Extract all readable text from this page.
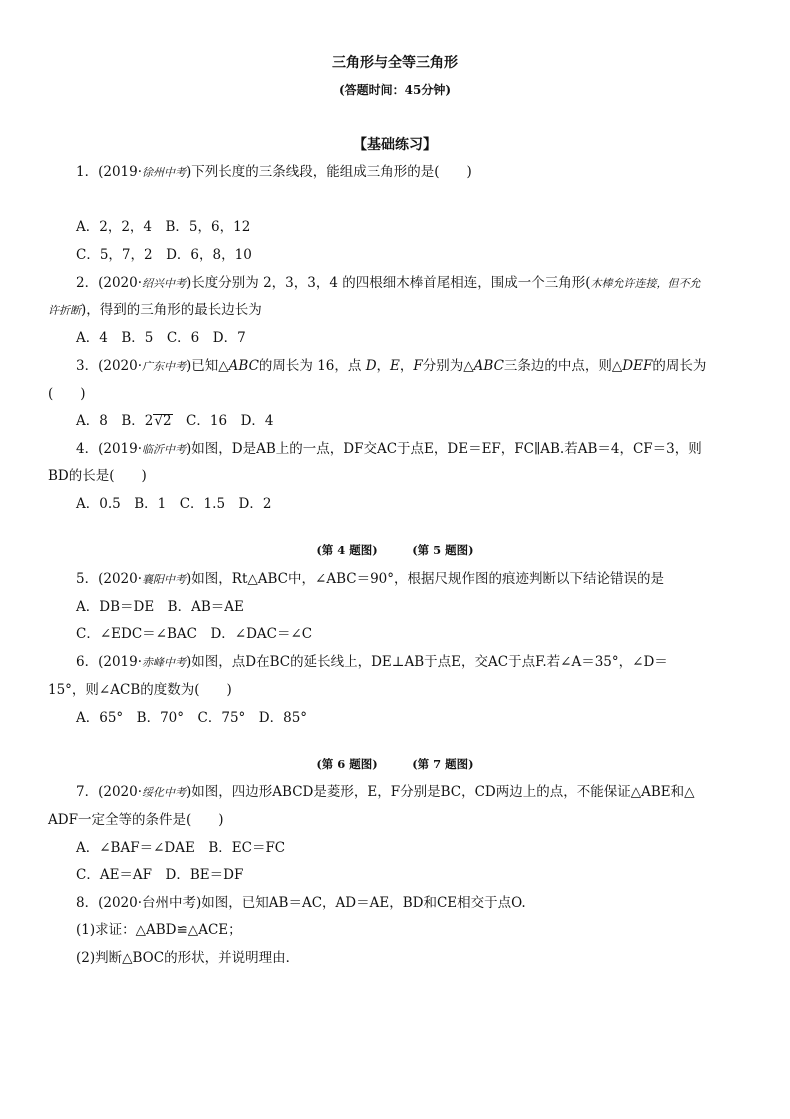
三角形与全等三角形
(答题时间：45分钟)
【基础练习】
1．(2019·徐州中考)下列长度的三条线段，能组成三角形的是(　　)
A．2，2，4　B．5，6，12
C．5，7，2　D．6，8，10
2．(2020·绍兴中考)长度分别为 2，3，3，4 的四根细木棒首尾相连，围成一个三角形(木棒允许连接，但不允
许折断)，得到的三角形的最长边长为
A．4　B．5　C．6　D．7
3．(2020·广东中考)已知△ABC的周长为 16，点 D，E，F分别为△ABC三条边的中点，则△DEF的周长为
(　　)
A．8　B．2√2　C．16　D．4
4．(2019·临沂中考)如图，D是AB上的一点，DF交AC于点E，DE＝EF，FC∥AB.若AB＝4，CF＝3，则
BD的长是(　　)
A．0.5　B．1　C．1.5　D．2
(第 4 题图)　　　(第 5 题图)
5．(2020·襄阳中考)如图，Rt△ABC中，∠ABC＝90°，根据尺规作图的痕迹判断以下结论错误的是
A．DB＝DE　B．AB＝AE
C．∠EDC＝∠BAC　D．∠DAC＝∠C
6．(2019·赤峰中考)如图，点D在BC的延长线上，DE⊥AB于点E，交AC于点F.若∠A＝35°，∠D＝
15°，则∠ACB的度数为(　　)
A．65°　B．70°　C．75°　D．85°
(第 6 题图)　　　(第 7 题图)
7．(2020·绥化中考)如图，四边形ABCD是菱形，E，F分别是BC，CD两边上的点，不能保证△ABE和△
ADF一定全等的条件是(　　)
A．∠BAF＝∠DAE　B．EC＝FC
C．AE＝AF　D．BE＝DF
8．(2020·台州中考)如图，已知AB＝AC，AD＝AE，BD和CE相交于点O.
(1)求证：△ABD≌△ACE；
(2)判断△BOC的形状，并说明理由．
